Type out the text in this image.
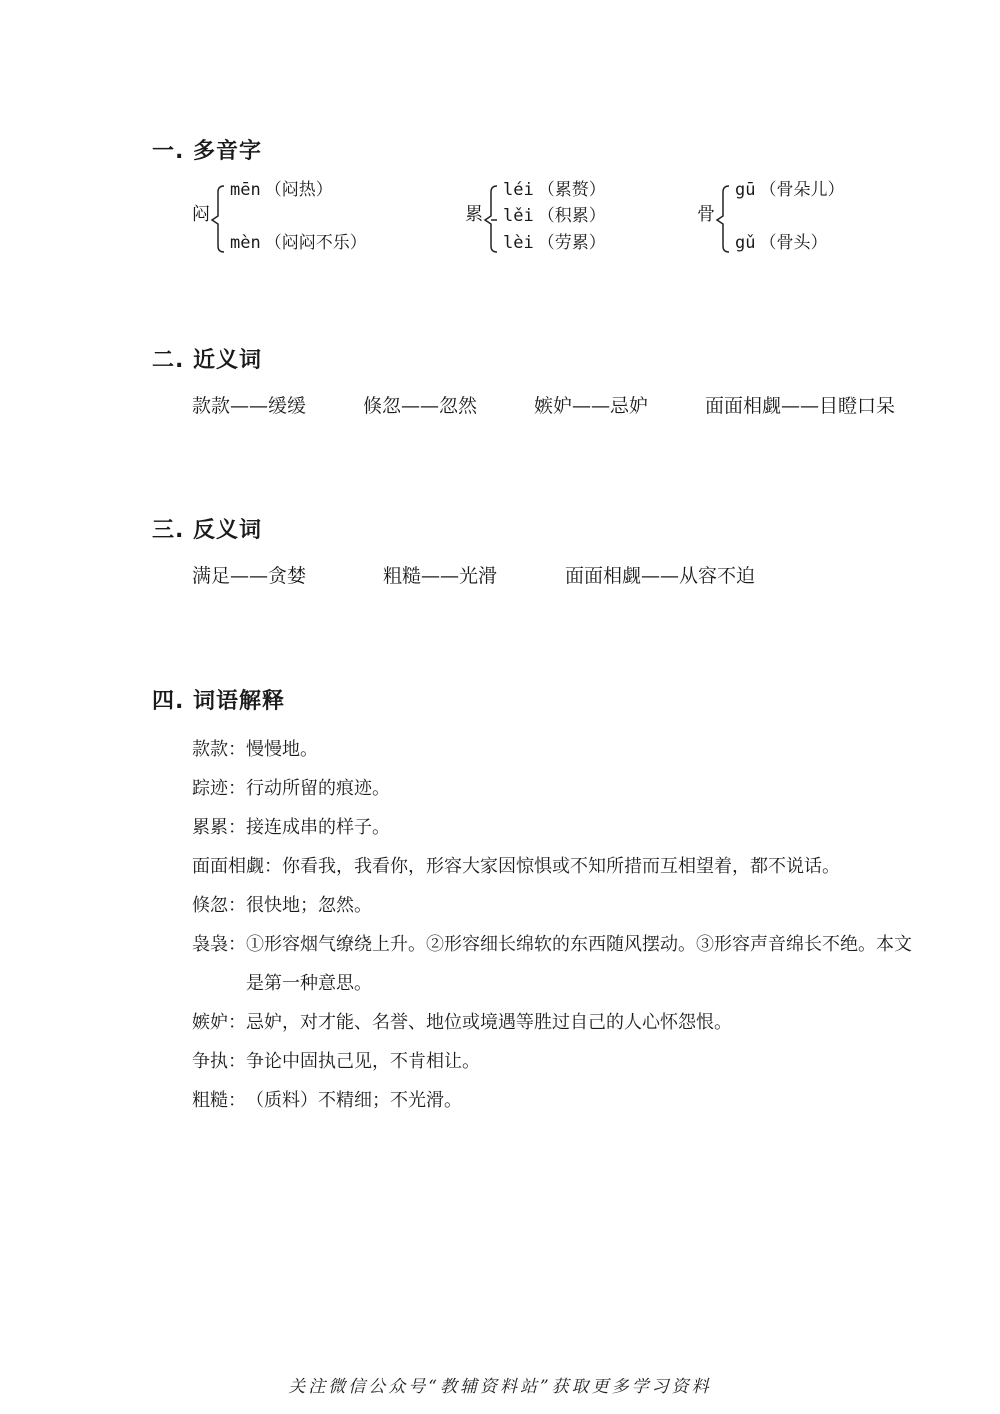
一. 多音字
闷
mēn （闷热）
mèn （闷闷不乐）
累
léi （累赘）
lěi （积累）
lèi （劳累）
骨
gū （骨朵儿）
gǔ （骨头）
二. 近义词
款款——缓缓	倏忽——忽然	嫉妒——忌妒	面面相觑——目瞪口呆
三. 反义词
满足——贪婪	粗糙——光滑	面面相觑——从容不迫
四. 词语解释
款款： 慢慢地。
踪迹： 行动所留的痕迹。
累累： 接连成串的样子。
面面相觑： 你看我，我看你，形容大家因惊惧或不知所措而互相望着，都不说话。
倏忽： 很快地；忽然。
袅袅： ①形容烟气缭绕上升。②形容细长绵软的东西随风摆动。③形容声音绵长不绝。本文是第一种意思。
嫉妒： 忌妒，对才能、名誉、地位或境遇等胜过自己的人心怀怨恨。
争执： 争论中固执己见，不肯相让。
粗糙： （质料）不精细；不光滑。
关注微信公众号“教辅资料站”获取更多学习资料
